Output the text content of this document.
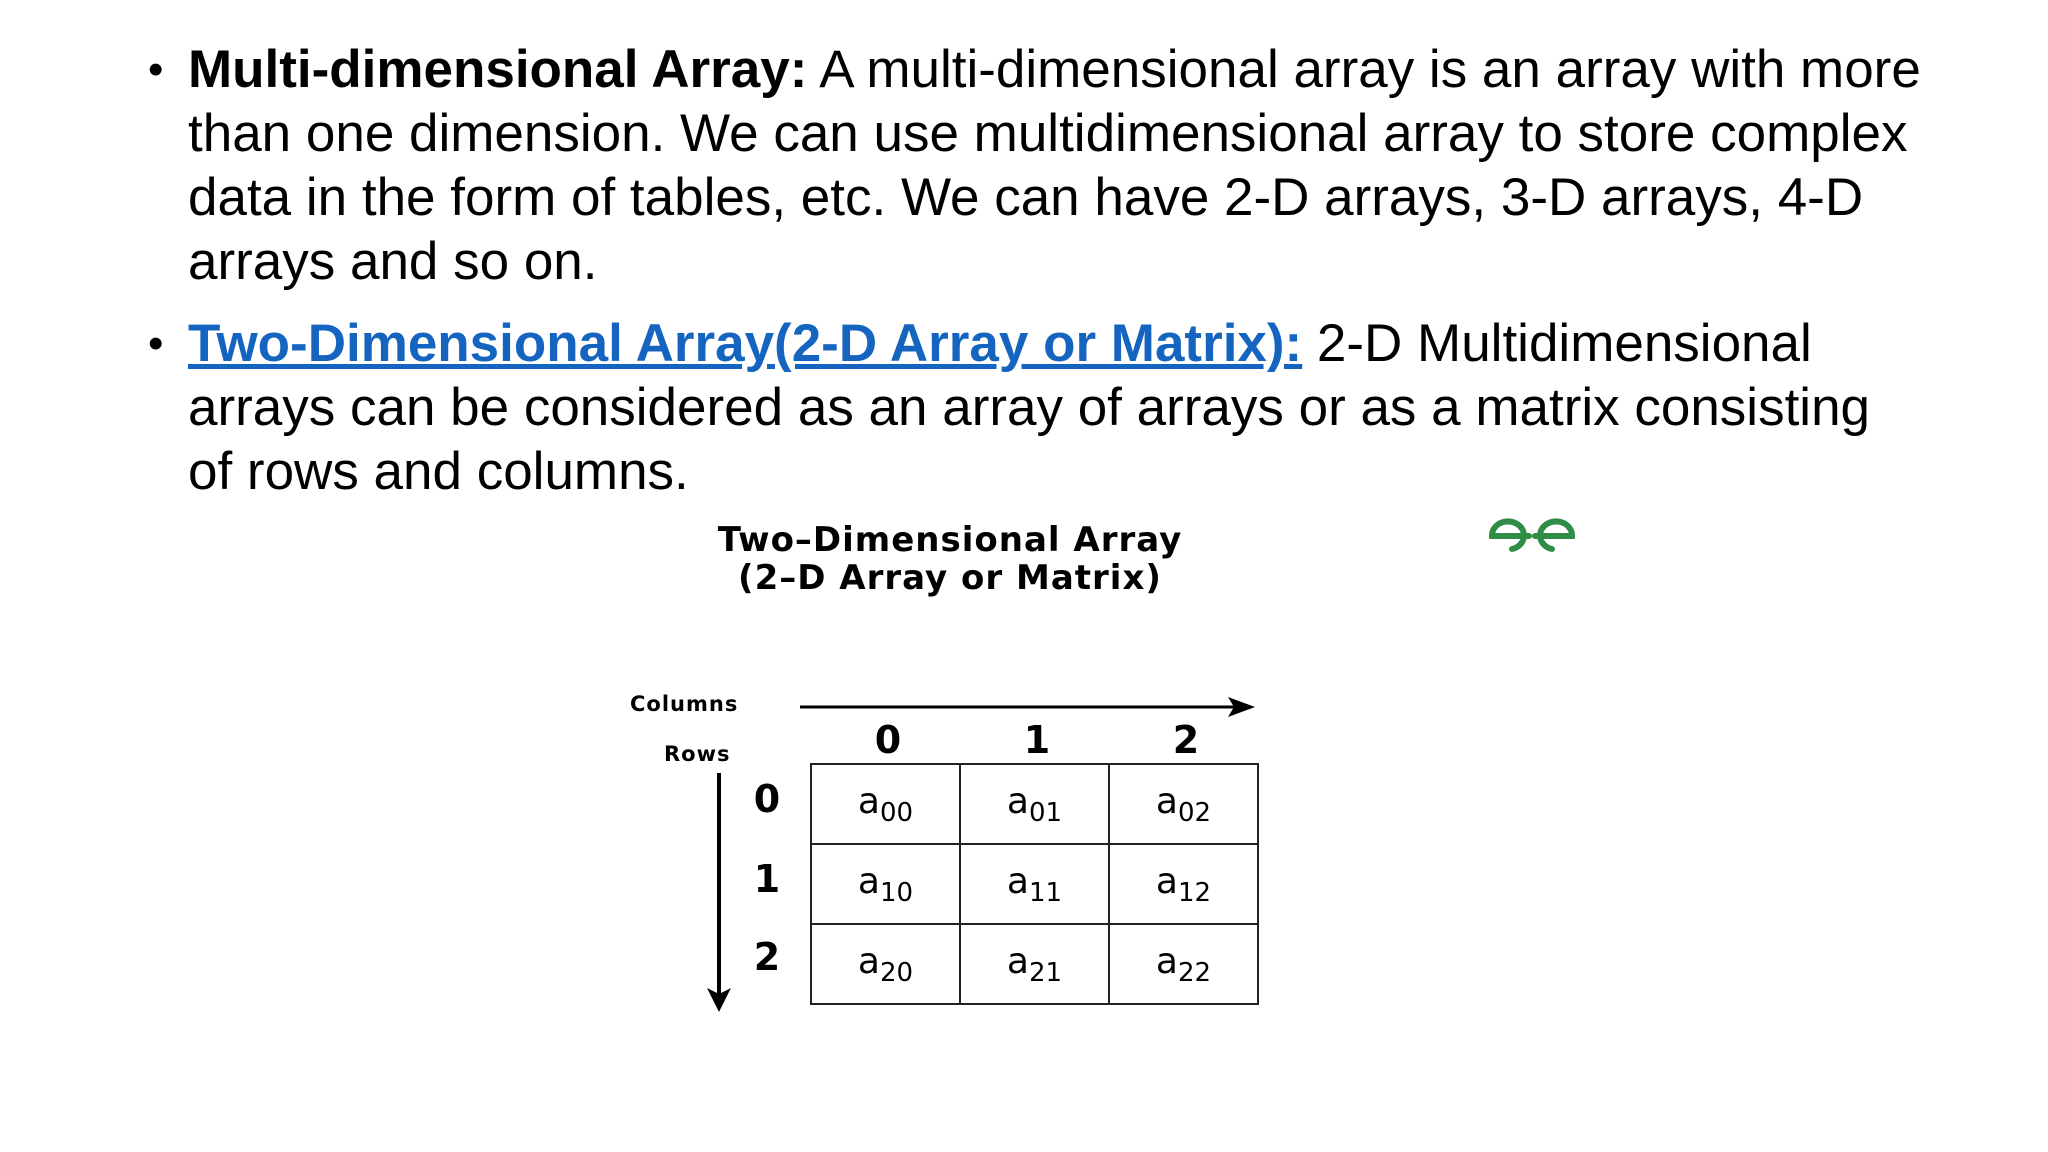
• Multi-dimensional Array: A multi-dimensional array is an array with more than one dimension. We can use multidimensional array to store complex data in the form of tables, etc. We can have 2-D arrays, 3-D arrays, 4-D arrays and so on.
• Two-Dimensional Array(2-D Array or Matrix): 2-D Multidimensional arrays can be considered as an array of arrays or as a matrix consisting of rows and columns.
Two–Dimensional Array
(2–D Array or Matrix)
Columns
Rows	0	1	2
0
1
2
$a_{00}$	$a_{01}$	$a_{02}$
$a_{10}$	$a_{11}$	$a_{12}$
$a_{20}$	$a_{21}$	$a_{22}$
